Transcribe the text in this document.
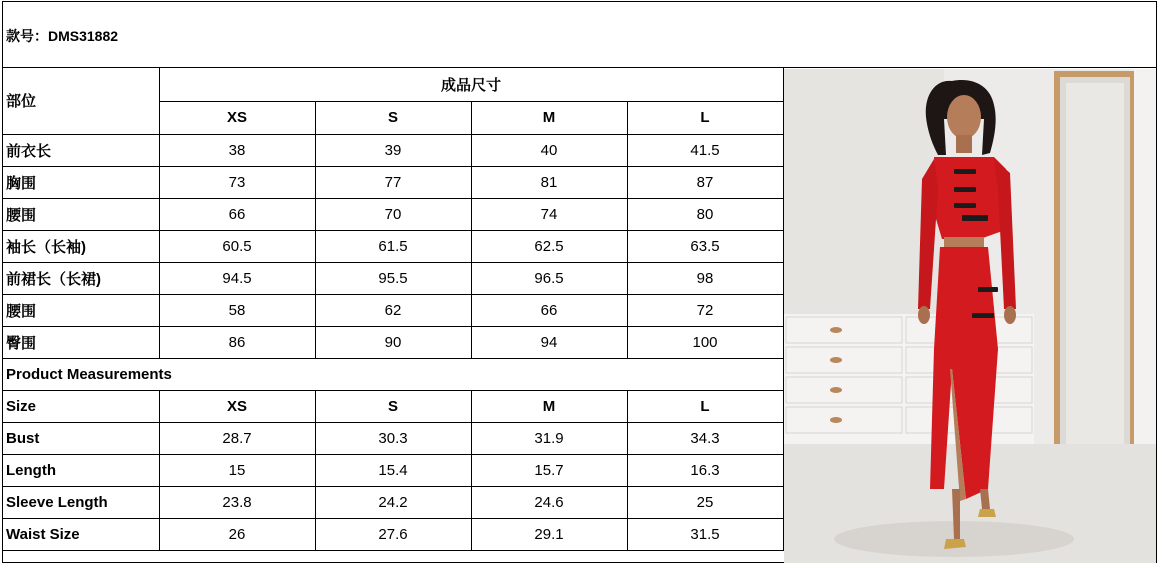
款号：DMS31882
部位	成品尺寸			
	XS	S	M	L
前衣长	38	39	40	41.5
胸围	73	77	81	87
腰围	66	70	74	80
袖长（长袖)	60.5	61.5	62.5	63.5
前裙长（长裙)	94.5	95.5	96.5	98
腰围	58	62	66	72
臀围	86	90	94	100
Product Measurements				
Size	XS	S	M	L
Bust	28.7	30.3	31.9	34.3
Length	15	15.4	15.7	16.3
Sleeve Length	23.8	24.2	24.6	25
Waist Size	26	27.6	29.1	31.5
